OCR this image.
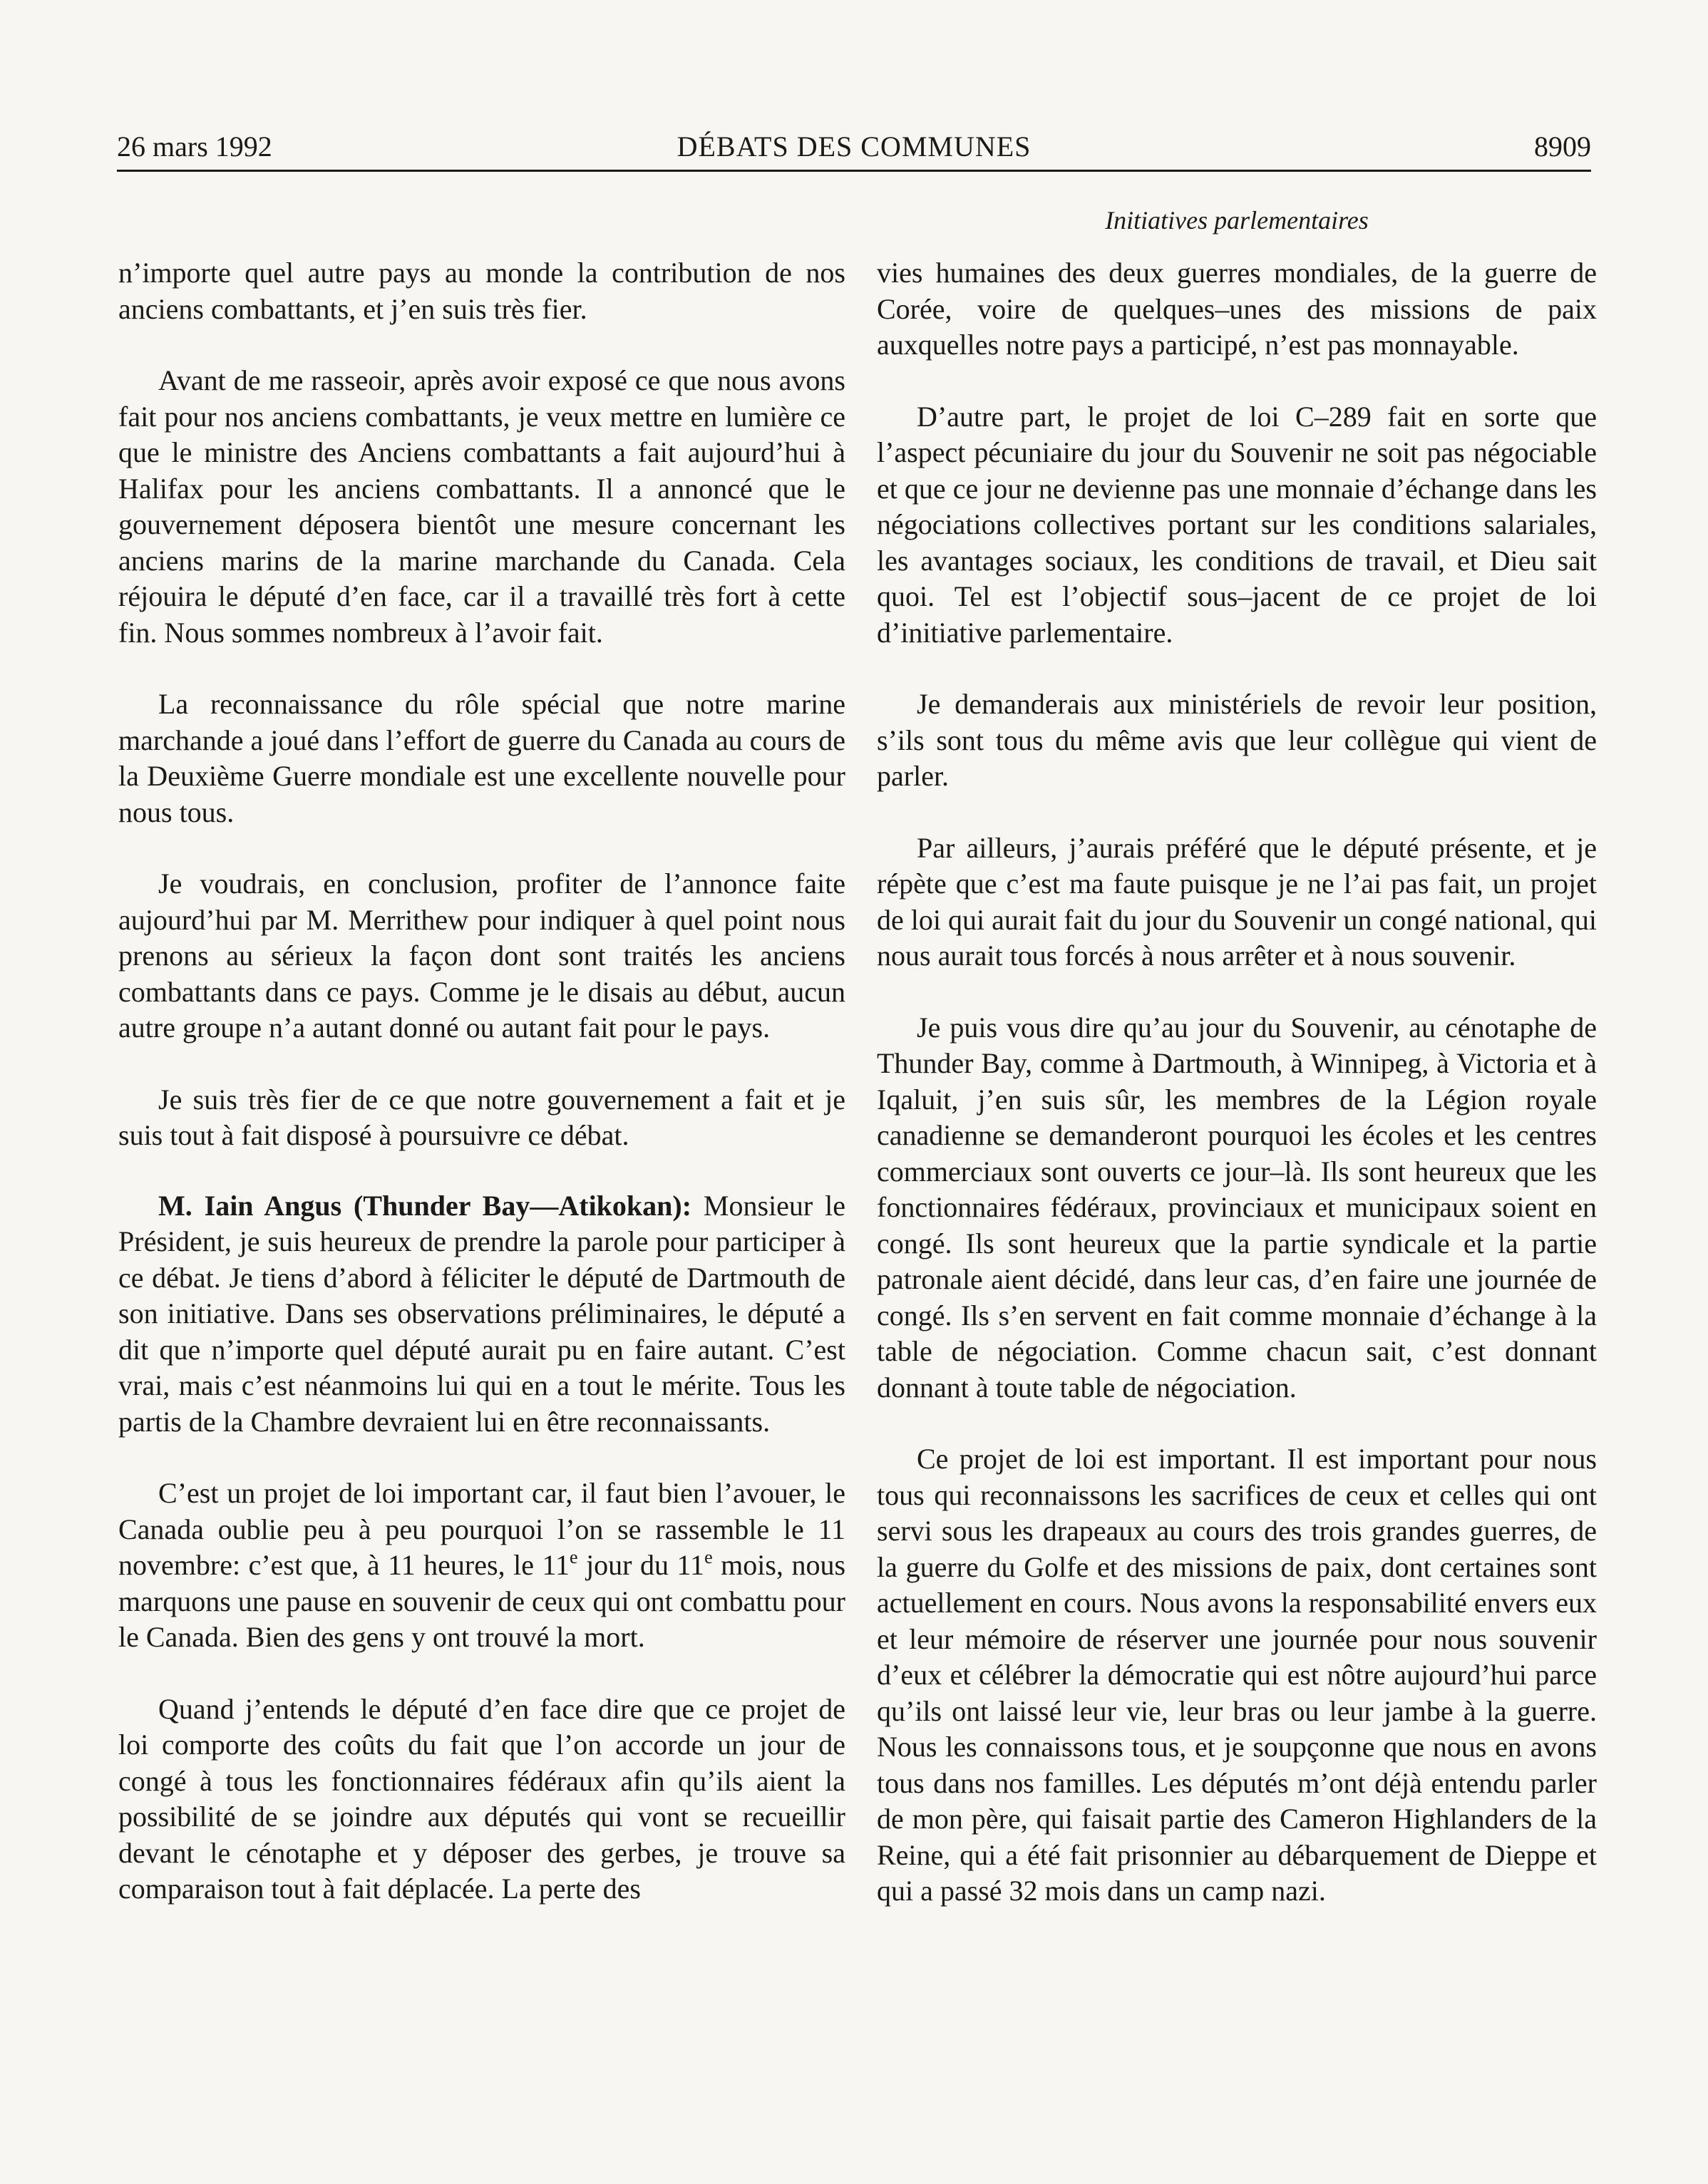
26 mars 1992	DÉBATS DES COMMUNES	8909
Initiatives parlementaires

n’importe quel autre pays au monde la contribution de nos anciens combattants, et j’en suis très fier.

Avant de me rasseoir, après avoir exposé ce que nous avons fait pour nos anciens combattants, je veux mettre en lumière ce que le ministre des Anciens combattants a fait aujourd’hui à Halifax pour les anciens combattants. Il a annoncé que le gouvernement déposera bientôt une mesure concernant les anciens marins de la marine marchande du Canada. Cela réjouira le député d’en face, car il a travaillé très fort à cette fin. Nous sommes nombreux à l’avoir fait.

La reconnaissance du rôle spécial que notre marine marchande a joué dans l’effort de guerre du Canada au cours de la Deuxième Guerre mondiale est une excellente nouvelle pour nous tous.

Je voudrais, en conclusion, profiter de l’annonce faite aujourd’hui par M. Merrithew pour indiquer à quel point nous prenons au sérieux la façon dont sont traités les anciens combattants dans ce pays. Comme je le disais au début, aucun autre groupe n’a autant donné ou autant fait pour le pays.

Je suis très fier de ce que notre gouvernement a fait et je suis tout à fait disposé à poursuivre ce débat.

M. Iain Angus (Thunder Bay—Atikokan): Monsieur le Président, je suis heureux de prendre la parole pour participer à ce débat. Je tiens d’abord à féliciter le député de Dartmouth de son initiative. Dans ses observations préliminaires, le député a dit que n’importe quel député aurait pu en faire autant. C’est vrai, mais c’est néanmoins lui qui en a tout le mérite. Tous les partis de la Chambre devraient lui en être reconnaissants.

C’est un projet de loi important car, il faut bien l’avouer, le Canada oublie peu à peu pourquoi l’on se rassemble le 11 novembre: c’est que, à 11 heures, le 11e jour du 11e mois, nous marquons une pause en souvenir de ceux qui ont combattu pour le Canada. Bien des gens y ont trouvé la mort.

Quand j’entends le député d’en face dire que ce projet de loi comporte des coûts du fait que l’on accorde un jour de congé à tous les fonctionnaires fédéraux afin qu’ils aient la possibilité de se joindre aux députés qui vont se recueillir devant le cénotaphe et y déposer des gerbes, je trouve sa comparaison tout à fait déplacée. La perte des

vies humaines des deux guerres mondiales, de la guerre de Corée, voire de quelques–unes des missions de paix auxquelles notre pays a participé, n’est pas monnayable.

D’autre part, le projet de loi C–289 fait en sorte que l’aspect pécuniaire du jour du Souvenir ne soit pas négociable et que ce jour ne devienne pas une monnaie d’échange dans les négociations collectives portant sur les conditions salariales, les avantages sociaux, les conditions de travail, et Dieu sait quoi. Tel est l’objectif sous–jacent de ce projet de loi d’initiative parlementaire.

Je demanderais aux ministériels de revoir leur position, s’ils sont tous du même avis que leur collègue qui vient de parler.

Par ailleurs, j’aurais préféré que le député présente, et je répète que c’est ma faute puisque je ne l’ai pas fait, un projet de loi qui aurait fait du jour du Souvenir un congé national, qui nous aurait tous forcés à nous arrêter et à nous souvenir.

Je puis vous dire qu’au jour du Souvenir, au cénotaphe de Thunder Bay, comme à Dartmouth, à Winnipeg, à Victoria et à Iqaluit, j’en suis sûr, les membres de la Légion royale canadienne se demanderont pourquoi les écoles et les centres commerciaux sont ouverts ce jour–là. Ils sont heureux que les fonctionnaires fédéraux, provinciaux et municipaux soient en congé. Ils sont heureux que la partie syndicale et la partie patronale aient décidé, dans leur cas, d’en faire une journée de congé. Ils s’en servent en fait comme monnaie d’échange à la table de négociation. Comme chacun sait, c’est donnant donnant à toute table de négociation.

Ce projet de loi est important. Il est important pour nous tous qui reconnaissons les sacrifices de ceux et celles qui ont servi sous les drapeaux au cours des trois grandes guerres, de la guerre du Golfe et des missions de paix, dont certaines sont actuellement en cours. Nous avons la responsabilité envers eux et leur mémoire de réserver une journée pour nous souvenir d’eux et célébrer la démocratie qui est nôtre aujourd’hui parce qu’ils ont laissé leur vie, leur bras ou leur jambe à la guerre. Nous les connaissons tous, et je soupçonne que nous en avons tous dans nos familles. Les députés m’ont déjà entendu parler de mon père, qui faisait partie des Cameron Highlanders de la Reine, qui a été fait prisonnier au débarquement de Dieppe et qui a passé 32 mois dans un camp nazi.
